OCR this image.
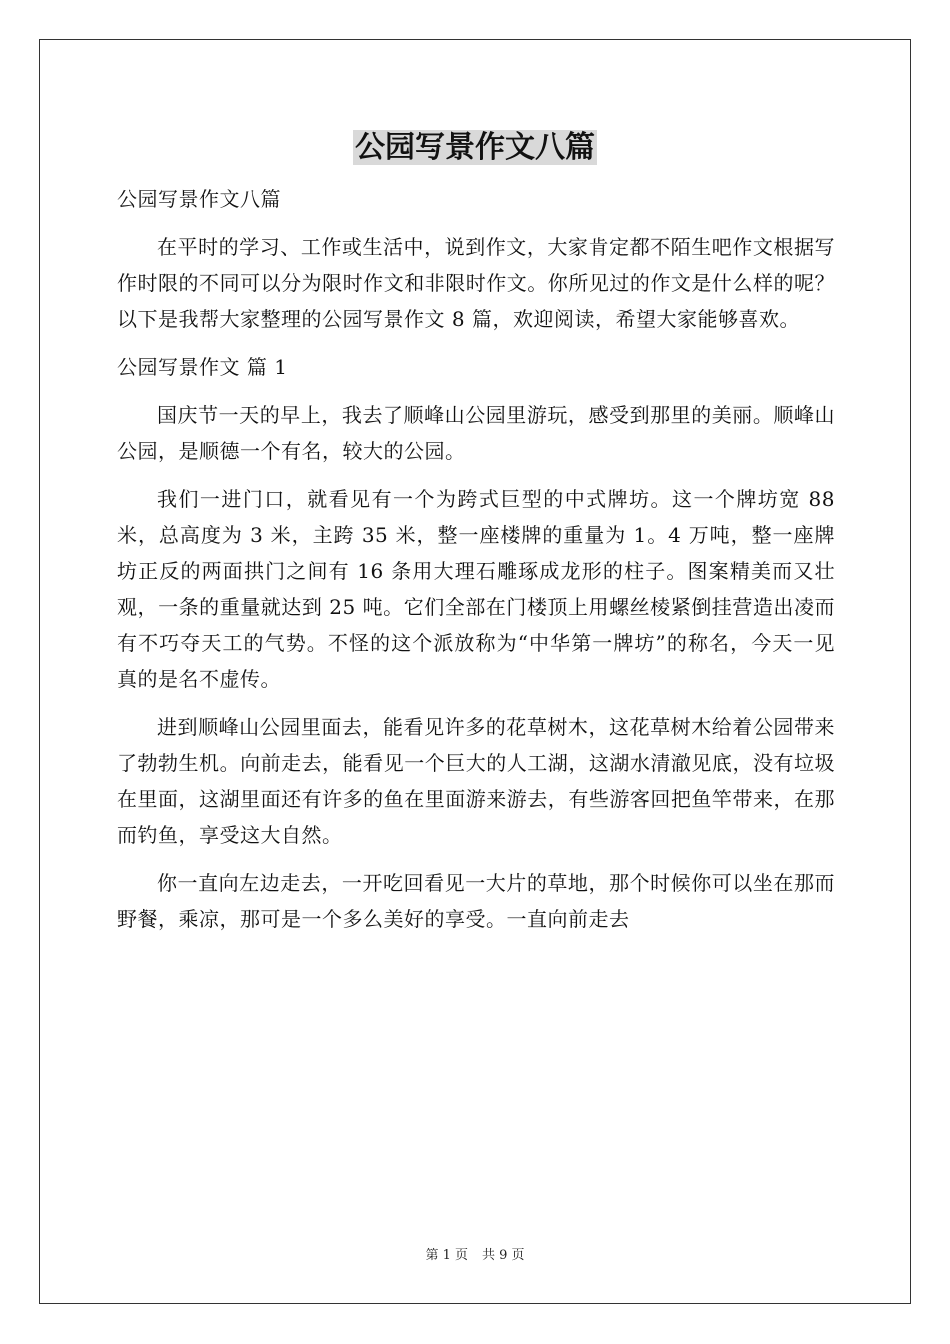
公园写景作文八篇

公园写景作文八篇

在平时的学习、工作或生活中，说到作文，大家肯定都不陌生吧作文根据写作时限的不同可以分为限时作文和非限时作文。你所见过的作文是什么样的呢？以下是我帮大家整理的公园写景作文 8 篇，欢迎阅读，希望大家能够喜欢。

公园写景作文 篇 1

国庆节一天的早上，我去了顺峰山公园里游玩，感受到那里的美丽。顺峰山公园，是顺德一个有名，较大的公园。

我们一进门口，就看见有一个为跨式巨型的中式牌坊。这一个牌坊宽 88 米，总高度为 3 米，主跨 35 米，整一座楼牌的重量为 1。4 万吨，整一座牌坊正反的两面拱门之间有 16 条用大理石雕琢成龙形的柱子。图案精美而又壮观，一条的重量就达到 25 吨。它们全部在门楼顶上用螺丝棱紧倒挂营造出凌而有不巧夺天工的气势。不怪的这个派放称为“中华第一牌坊”的称名，今天一见真的是名不虚传。

进到顺峰山公园里面去，能看见许多的花草树木，这花草树木给着公园带来了勃勃生机。向前走去，能看见一个巨大的人工湖，这湖水清澈见底，没有垃圾在里面，这湖里面还有许多的鱼在里面游来游去，有些游客回把鱼竿带来，在那而钓鱼，享受这大自然。

你一直向左边走去，一开吃回看见一大片的草地，那个时候你可以坐在那而野餐，乘凉，那可是一个多么美好的享受。一直向前走去

第 1 页 共 9 页
